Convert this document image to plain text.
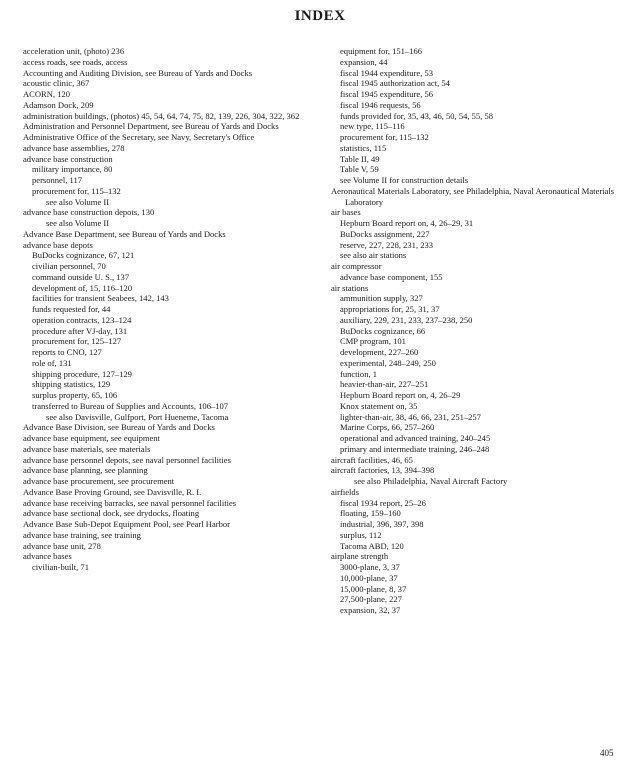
INDEX
acceleration unit, (photo) 236
access roads, see roads, access
Accounting and Auditing Division, see Bureau of Yards and Docks
acoustic clinic, 367
ACORN, 120
Adamson Dock, 209
administration buildings, (photos) 45, 54, 64, 74, 75, 82, 139, 226, 304, 322, 362
Administration and Personnel Department, see Bureau of Yards and Docks
Administrative Office of the Secretary, see Navy, Secretary's Office
advance base assemblies, 278
advance base construction
military importance, 80
personnel, 117
procurement for, 115–132
see also Volume II
advance base construction depots, 130
see also Volume II
Advance Base Department, see Bureau of Yards and Docks
advance base depots
BuDocks cognizance, 67, 121
civilian personnel, 70
command outside U. S., 137
development of, 15, 116–120
facilities for transient Seabees, 142, 143
funds requested for, 44
operation contracts, 123–124
procedure after VJ-day, 131
procurement for, 125–127
reports to CNO, 127
role of, 131
shipping procedure, 127–129
shipping statistics, 129
surplus property, 65, 106
transferred to Bureau of Supplies and Accounts, 106–107
see also Davisville, Gulfport, Port Hueneme, Tacoma
Advance Base Division, see Bureau of Yards and Docks
advance base equipment, see equipment
advance base materials, see materials
advance base personnel depots, see naval personnel facilities
advance base planning, see planning
advance base procurement, see procurement
Advance Base Proving Ground, see Davisville, R. I.
advance base receiving barracks, see naval personnel facilities
advance base sectional dock, see drydocks, floating
Advance Base Sub-Depot Equipment Pool, see Pearl Harbor
advance base training, see training
advance base unit, 278
advance bases
civilian-built, 71
equipment for, 151–166
expansion, 44
fiscal 1944 expenditure, 53
fiscal 1945 authorization act, 54
fiscal 1945 expenditure, 56
fiscal 1946 requests, 56
funds provided for, 35, 43, 46, 50, 54, 55, 58
new type, 115–116
procurement for, 115–132
statistics, 115
Table II, 49
Table V, 59
see Volume II for construction details
Aeronautical Materials Laboratory, see Philadelphia, Naval Aeronautical Materials Laboratory
air bases
Hepburn Board report on, 4, 26–29, 31
BuDocks assignment, 227
reserve, 227, 228, 231, 233
see also air stations
air compressor
advance base component, 155
air stations
ammunition supply, 327
appropriations for, 25, 31, 37
auxiliary, 229, 231, 233, 237–238, 250
BuDocks cognizance, 66
CMP program, 101
development, 227–260
experimental, 248–249, 250
function, 1
heavier-than-air, 227–251
Hepburn Board report on, 4, 26–29
Knox statement on, 35
lighter-than-air, 38, 46, 66, 231, 251–257
Marine Corps, 66, 257–260
operational and advanced training, 240–245
primary and intermediate training, 246–248
aircraft facilities, 46, 65
aircraft factories, 13, 394–398
see also Philadelphia, Naval Aircraft Factory
airfields
fiscal 1934 report, 25–26
floating, 159–160
industrial, 396, 397, 398
surplus, 112
Tacoma ABD, 120
airplane strength
3000-plane, 3, 37
10,000-plane, 37
15,000-plane, 8, 37
27,500-plane, 227
expansion, 32, 37
405
